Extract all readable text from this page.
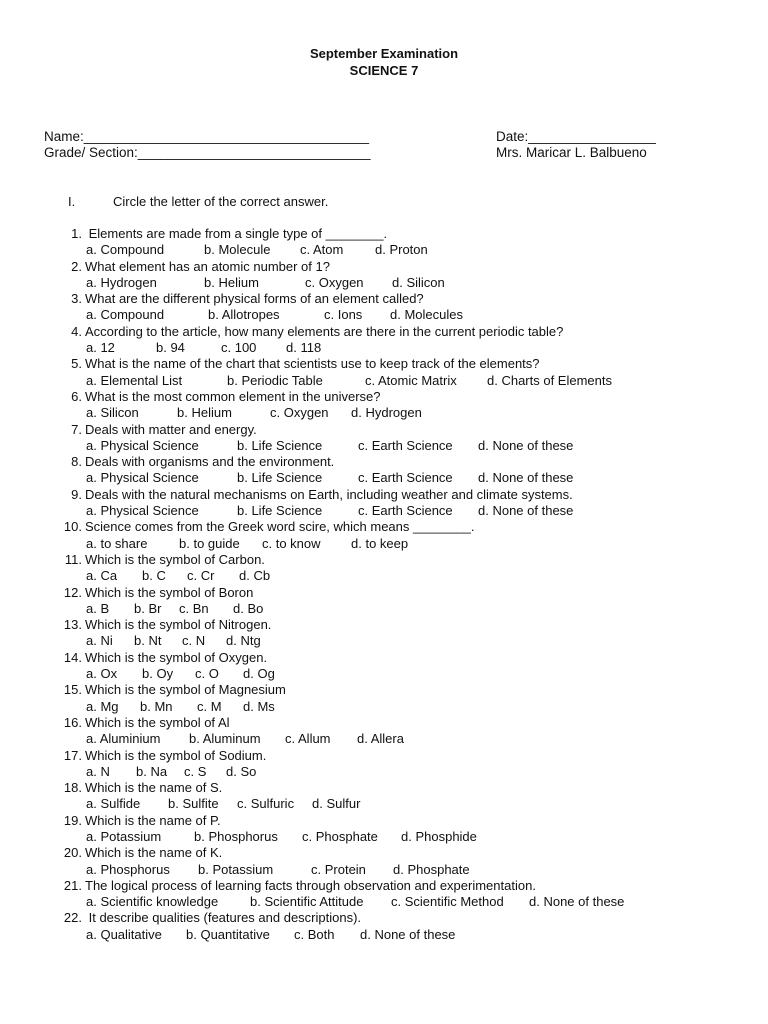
September Examination
SCIENCE 7
Name:______________________________________
Grade/ Section:_______________________________
Date:_________________
Mrs. Maricar L. Balbueno
I.	Circle the letter of the correct answer.
1. Elements are made from a single type of ________.
a. Compound	b. Molecule c. Atom d. Proton
2. What element has an atomic number of 1?
a. Hydrogen	b. Helium	c. Oxygen d. Silicon
3. What are the different physical forms of an element called?
a. Compound	b. Allotropes	c. Ions d. Molecules
4. According to the article, how many elements are there in the current periodic table?
a. 12	b. 94	c. 100 d. 118
5. What is the name of the chart that scientists use to keep track of the elements?
a. Elemental List	b. Periodic Table	c. Atomic Matrix d. Charts of Elements
6. What is the most common element in the universe?
a. Silicon	b. Helium	c. Oxygen d. Hydrogen
7. Deals with matter and energy.
a. Physical Science	b. Life Science	c. Earth Science d. None of these
8. Deals with organisms and the environment.
a. Physical Science	b. Life Science	c. Earth Science d. None of these
9. Deals with the natural mechanisms on Earth, including weather and climate systems.
a. Physical Science	b. Life Science	c. Earth Science d. None of these
10. Science comes from the Greek word scire, which means ________.
a. to share b. to guide c. to know d. to keep
11. Which is the symbol of Carbon.
a. Ca b. C c. Cr d. Cb
12. Which is the symbol of Boron
a. B b. Br c. Bn d. Bo
13. Which is the symbol of Nitrogen.
a. Ni b. Nt c. N d. Ntg
14. Which is the symbol of Oxygen.
a. Ox b. Oy c. O d. Og
15. Which is the symbol of Magnesium
a. Mg b. Mn c. M d. Ms
16. Which is the symbol of Al
a. Aluminium b. Aluminum c. Allum d. Allera
17. Which is the symbol of Sodium.
a. N b. Na c. S d. So
18. Which is the name of S.
a. Sulfide b. Sulfite c. Sulfuric d. Sulfur
19. Which is the name of P.
a. Potassium	b. Phosphorus c. Phosphate d. Phosphide
20. Which is the name of K.
a. Phosphorus b. Potassium	c. Protein d. Phosphate
21. The logical process of learning facts through observation and experimentation.
a. Scientific knowledge b. Scientific Attitude c. Scientific Method d. None of these
22. It describe qualities (features and descriptions).
a. Qualitative b. Quantitative c. Both d. None of these
